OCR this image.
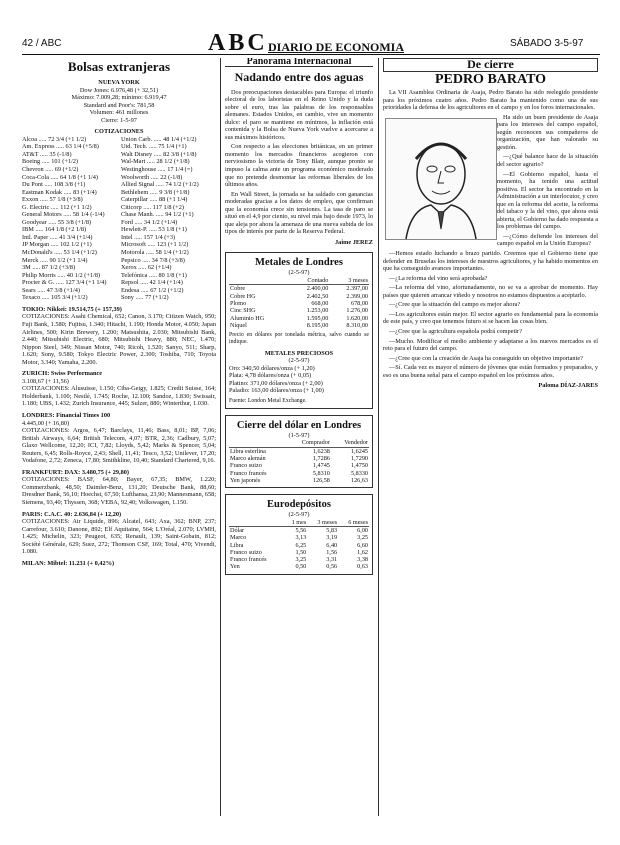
42 / ABC	ABC DIARIO DE ECONOMIA	SÁBADO 3-5-97
Bolsas extranjeras
NUEVA YORK
Dow Jones: 6.976,48 (+ 32,51)
Máximo: 7.009,28; mínimo: 6.919,47
Standard and Poor's: 781,58
Volumen: 461 millones
Cierre: 1-5-97
COTIZACIONES
Alcoa ..... 72 3/4 (+1 1/2)
Am. Express ..... 63 1/4 (+5/8)
AT&T ..... 35 (-1/8)
Boeing ..... 101 (+1/2)
Chevron ..... 69 (+1/2)
Coca-Cola ..... 64 1/8 (+1 1/4)
Du Pont ..... 108 3/8 (+1)
Eastman Kodak ..... 83 (+1/4)
Exxon ..... 57 1/8 (+3/8)
G. Electric ..... 112 (+1 1/2)
General Motors ..... 58 1/4 (-1/4)
Goodyear ..... 55 3/8 (+1/8)
IBM ..... 164 1/8 (+2 1/8)
Intl. Paper ..... 41 3/4 (+1/4)
JP Morgan ..... 102 1/2 (+1)
McDonald's ..... 53 1/4 (+1/2)
Merck ..... 90 1/2 (+1 1/4)
3M ..... 87 1/2 (+3/8)
Philip Morris ..... 40 1/2 (+1/8)
Procter & G. ..... 127 3/4 (+1 1/4)
Sears ..... 47 3/8 (+1/4)
Texaco ..... 105 3/4 (+1/2)
Union Carb. ..... 48 1/4 (+1/2)
Utd. Tech. ..... 75 1/4 (+1)
Walt Disney ..... 82 3/8 (+1/8)
Wal-Mart ..... 28 1/2 (+1/8)
Westinghouse ..... 17 1/4 (=)
Woolworth ..... 22 (-1/8)
Allied Signal ..... 74 1/2 (+1/2)
Bethlehem ..... 9 3/8 (+1/8)
Caterpillar ..... 88 (+1 1/4)
Citicorp ..... 117 1/8 (+2)
Chase Manh. ..... 94 1/2 (+1)
Ford ..... 34 1/2 (+1/4)
Hewlett-P. ..... 53 1/8 (+1)
Intel ..... 157 1/4 (+3)
Microsoft ..... 123 (+1 1/2)
Motorola ..... 58 1/4 (+1/2)
Pepsico ..... 34 7/8 (+3/8)
Xerox ..... 62 (+1/4)
Telefónica ..... 80 1/8 (+1)
Repsol ..... 42 1/4 (+1/4)
Endesa ..... 67 1/2 (+1/2)
Sony ..... 77 (+1/2)
TOKIO: Nikkei: 19.514,75 (+ 157,39)
COTIZACIONES: Asahi Chemical, 652; Canon, 3.170; Citizen Watch, 950; Fuji Bank, 1.580; Fujitsu, 1.340; Hitachi, 1.190; Honda Motor, 4.050; Japan Airlines, 500; Kirin Brewery, 1.200; Matsushita, 2.030; Mitsubishi Bank, 2.440; Mitsubishi Electric, 680; Mitsubishi Heavy, 880; NEC, 1.470; Nippon Steel, 349; Nissan Motor, 740; Ricoh, 1.520; Sanyo, 511; Sharp, 1.620; Sony, 9.580; Tokyo Electric Power, 2.300; Toshiba, 710; Toyota Motor, 3.340; Yamaha, 2.200.
ZURICH: Swiss Performance
3.108,67 (+ 11,56)
COTIZACIONES: Alusuisse, 1.150; Ciba-Geigy, 1.825; Credit Suisse, 164; Holderbank, 1.100; Nestlé, 1.745; Roche, 12.100; Sandoz, 1.830; Swissair, 1.180; UBS, 1.432; Zurich Insurance, 445; Sulzer, 880; Winterthur, 1.030.
LONDRES: Financial Times 100
4.445,00 (+ 16,80)
COTIZACIONES: Argos, 6,47; Barclays, 11,46; Bass, 8,01; BP, 7,06; British Airways, 6,64; British Telecom, 4,07; BTR, 2,36; Cadbury, 5,07; Glaxo Wellcome, 12,20; ICI, 7,82; Lloyds, 5,42; Marks & Spencer, 5,04; Reuters, 6,45; Rolls-Royce, 2,43; Shell, 11,41; Tesco, 3,52; Unilever, 17,20; Vodafone, 2,72; Zeneca, 17,80; Smithkline, 10,40; Standard Chartered, 9,16.
FRANKFURT: DAX: 3.480,75 (+ 29,80)
COTIZACIONES: BASF, 64,80; Bayer, 67,35; BMW, 1.220; Commerzbank, 48,50; Daimler-Benz, 131,20; Deutsche Bank, 88,60; Dresdner Bank, 56,10; Hoechst, 67,50; Lufthansa, 23,90; Mannesmann, 658; Siemens, 93,40; Thyssen, 368; VEBA, 92,40; Volkswagen, 1.150.
PARIS: C.A.C. 40: 2.636,84 (+ 12,20)
COTIZACIONES: Air Liquide, 896; Alcatel, 643; Axa, 362; BNP, 237; Carrefour, 3.610; Danone, 892; Elf Aquitaine, 564; L'Oréal, 2.070; LVMH, 1.425; Michelin, 323; Peugeot, 635; Renault, 139; Saint-Gobain, 812; Société Générale, 629; Suez, 272; Thomson CSF, 169; Total, 470; Vivendi, 1.080.
MILAN: Mibtel: 11.231 (+ 0,42%)
Panorama Internacional
Nadando entre dos aguas

Dos preocupaciones destacables para Europa: el triunfo electoral de los laboristas en el Reino Unido y la duda sobre el euro, tras las palabras de los responsables alemanes. Estados Unidos, en cambio, vive un momento dulce: el paro se mantiene en mínimos, la inflación está contenida y la Bolsa de Nueva York vuelve a acercarse a sus máximos históricos.

Con respecto a las elecciones británicas, en un primer momento los mercados financieros acogieron con nerviosismo la victoria de Tony Blair, aunque pronto se impuso la calma ante un programa económico moderado que no pretende desmontar las reformas liberales de los últimos años.

En Wall Street, la jornada se ha saldado con ganancias moderadas gracias a los datos de empleo, que confirman que la economía crece sin tensiones. La tasa de paro se situó en el 4,9 por ciento, su nivel más bajo desde 1973, lo que aleja por ahora la amenaza de una nueva subida de los tipos de interés por parte de la Reserva Federal.

Jaime JEREZ
Metales de Londres
(2-5-97)
	Contado	3 meses
Cobre	2.400,00	2.397,00
Cobre HG	2.402,50	2.399,00
Plomo	668,00	678,00
Cinc SHG	1.253,00	1.276,00
Aluminio HG	1.595,00	1.620,00
Níquel	8.195,00	8.310,00
Precio en dólares por tonelada métrica, salvo cuando se indique.
METALES PRECIOSOS
(2-5-97)
Oro: 340,50 dólares/onza (+ 1,20)
Plata: 4,78 dólares/onza (+ 0,05)
Platino: 371,00 dólares/onza (+ 2,00)
Paladio: 163,00 dólares/onza (+ 1,00)
Fuente: London Metal Exchange.
Cierre del dólar en Londres
(1-5-97)
	Comprador	Vendedor
Libra esterlina	1,6238	1,6245
Marco alemán	1,7286	1,7290
Franco suizo	1,4745	1,4750
Franco francés	5,8310	5,8330
Yen japonés	126,58	126,63
Eurodepósitos
(2-5-97)
	1 mes	3 meses	6 meses
Dólar	5,56	5,83	6,00
Marco	3,13	3,19	3,25
Libra	6,25	6,40	6,60
Franco suizo	1,50	1,56	1,62
Franco francés	3,25	3,31	3,38
Yen	0,50	0,56	0,63
De cierre
PEDRO BARATO

La VII Asamblea Ordinaria de Asaja, Pedro Barato ha sido reelegido presidente para los próximos cuatro años. Pedro Barato ha mantenido como una de sus prioridades la defensa de los agricultores en el campo y en los foros internacionales.

Ha sido un buen presidente de Asaja para los intereses del campo español, según reconocen sus compañeros de organización, que han valorado su gestión.

—¿Qué balance hace de la situación del sector agrario?

—El Gobierno español, hasta el momento, ha tenido una actitud positiva. El sector ha encontrado en la Administración a un interlocutor, y creo que en la reforma del aceite, la reforma del tabaco y la del vino, que ahora está abierta, el Gobierno ha dado respuesta a los problemas del campo.

—¿Cómo defiende los intereses del campo español en la Unión Europea?

—Hemos estado luchando a brazo partido. Creemos que el Gobierno tiene que defender en Bruselas los intereses de nuestros agricultores, y ha habido momentos en que ha conseguido avances importantes.

—¿La reforma del vino será aprobada?

—La reforma del vino, afortunadamente, no se va a aprobar de momento. Hay países que quieren arrancar viñedo y nosotros no estamos dispuestos a aceptarlo.

—¿Cree que la situación del campo es mejor ahora?

—Los agricultores están mejor. El sector agrario es fundamental para la economía de este país, y creo que tenemos futuro si se hacen las cosas bien.

—¿Cree que la agricultura española podrá competir?

—Mucho. Modificar el medio ambiente y adaptarse a los nuevos mercados es el reto para el futuro del campo.

—¿Cree que con la creación de Asaja ha conseguido un objetivo importante?

—Sí. Cada vez es mayor el número de jóvenes que están formados y preparados, y eso es una buena señal para el campo español en los próximos años.

Paloma DÍAZ-JARES
